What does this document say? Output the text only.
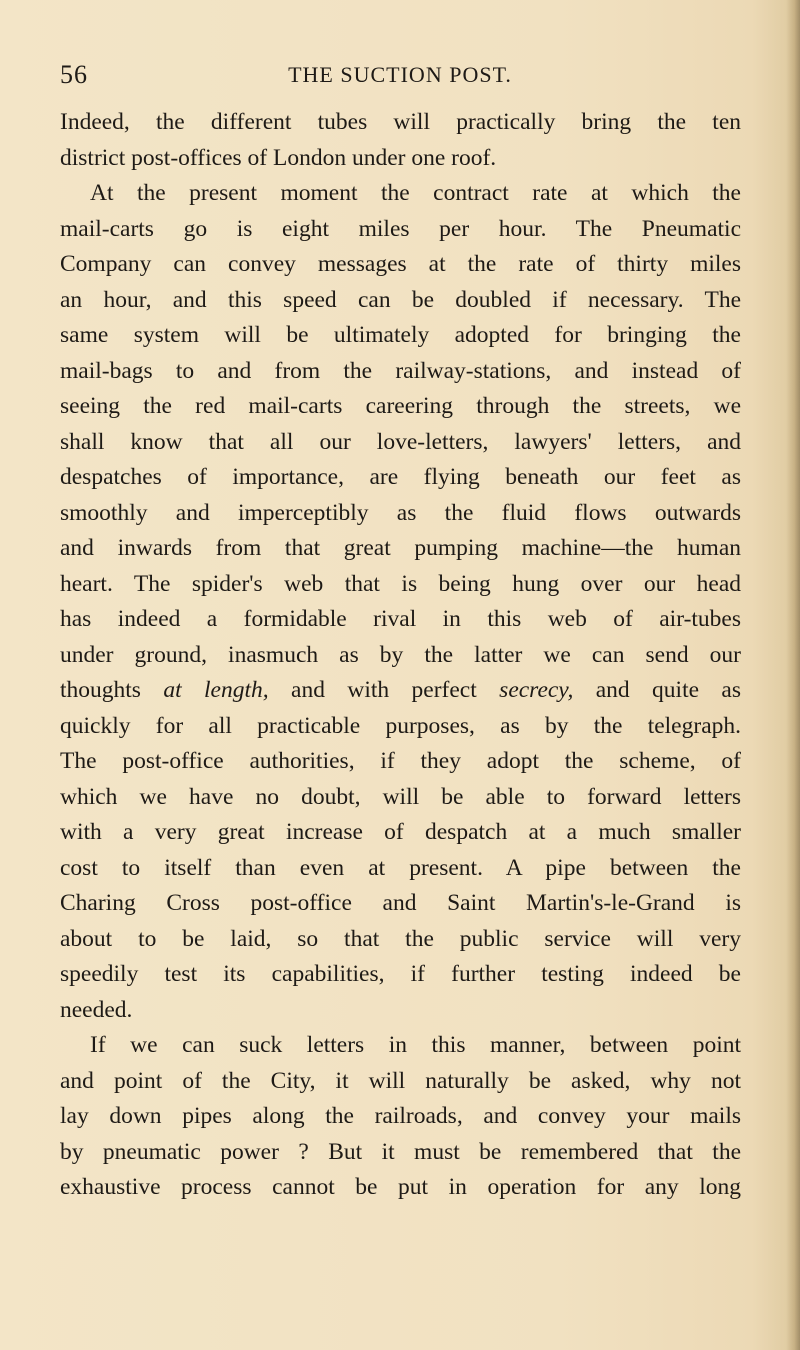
56	THE SUCTION POST.
Indeed, the different tubes will practically bring the ten
district post-offices of London under one roof.
At the present moment the contract rate at which the
mail-carts go is eight miles per hour. The Pneumatic
Company can convey messages at the rate of thirty miles
an hour, and this speed can be doubled if necessary. The
same system will be ultimately adopted for bringing the
mail-bags to and from the railway-stations, and instead of
seeing the red mail-carts careering through the streets, we
shall know that all our love-letters, lawyers' letters, and
despatches of importance, are flying beneath our feet as
smoothly and imperceptibly as the fluid flows outwards
and inwards from that great pumping machine—the human
heart. The spider's web that is being hung over our head
has indeed a formidable rival in this web of air-tubes
under ground, inasmuch as by the latter we can send our
thoughts at length, and with perfect secrecy, and quite as
quickly for all practicable purposes, as by the telegraph.
The post-office authorities, if they adopt the scheme, of
which we have no doubt, will be able to forward letters
with a very great increase of despatch at a much smaller
cost to itself than even at present. A pipe between the
Charing Cross post-office and Saint Martin's-le-Grand is
about to be laid, so that the public service will very
speedily test its capabilities, if further testing indeed be
needed.
If we can suck letters in this manner, between point
and point of the City, it will naturally be asked, why not
lay down pipes along the railroads, and convey your mails
by pneumatic power ? But it must be remembered that the
exhaustive process cannot be put in operation for any long
